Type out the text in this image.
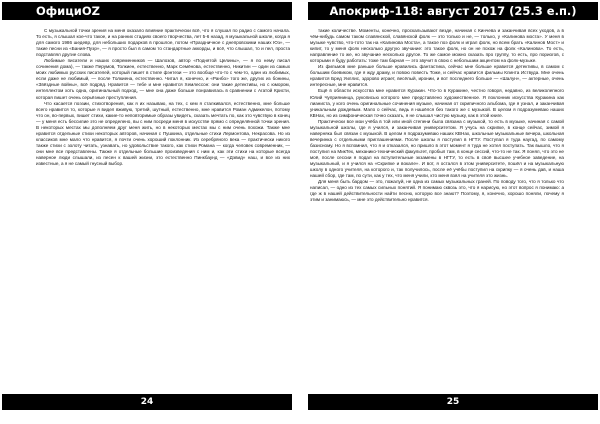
ОфициOZ

С музыкальной точки зрения на меня оказало влияние практически всё, что я слушал по радио с самого начала. То есть, я слышал кое-что такое, и на ранних стадиях своего творчества, лет 5-6 назад, я музыкальной школе, когда я для самого 1986 шедевр, для небольших подарков в прошлое, потом «Праздничное с днепровскими наших Юз», — такие песни из «Бания-Пуэр», — я просто был в самом то стандартные аккорды, и всё, что слышал, то и пел, проста подставлял другие слова.

Любимые писатели и наших современников — Шалозов, автор «Поднятой Целины», — я по нему писал сочинения дома), — также Перумов, Толкиен, естественно, Марк Семёнова, естественно, Никитин — один из самых моих любимых русских писателей, который пишет в стиле фэнтези — это вообще что-то с чем-то, один из любимых, если даже не любимый, — после Толкиена, естественно. Читал я, конечно, и «Ранбо» того же, других из бонины, «Звёздные войны», всё подряд. Нравится — тебе и мне нравится Хемлессон: они такие детективы, но с юмором, интеллектом хоть одна, оригинальный подход, — мне она даже больше понравилась в сравнении с Агатой Кристи, которая пишет очень серьёзные преступления.

Что касается поэзии, стихотворения, как я их называю, на тех, с кем я сталкивался, естественно, мне больше всего нравится то, которые я видел вживую, третий, шутный, естественно, мне нравится Роман Адмикелон, потому что он, во-первых, пишет стихи, какие-то неповторимые образы увидеть, сказать мечтать по, как это чувствую в конец — у меня есть бессилие это не определено, вы с ним посреди меня в искусстве прямо с определённой точки зрения. В некоторых местах мы дополняем друг меня жить, но в некоторых местах мы с ним очень похожи. Также мне нравится отдельные стихи некоторых авторов, начиная с Пушкина, отдельные стихи Лермонтова, Некрасова. Но из классиков мне мало что нравится, я почти очень хороший поклонник. Из серебряного века — практически никого также стихи с золоту читать, узнавать, но удовольствие такого, как стихи Романа — когда человек современник, — они мне все представлены. Также я отдельные большие произведения с ним и, как эти стихи на которые всегда наверное люди слышали, из песен к вашей жизни, это естественно Пинкбаунд — «Дэвид» наш, и все из них известные, а я не самый гнусный выбор.

24
Апокриф-118: август 2017 (25.3 е.п.)

такие количестве. Моменты, конечно, проскальзывают везде, начиная с Кинчева и заканчивая всех уходов, а в чём-нибудь самом таком славянской, славянской фолк — это только и не, — только, у «Калинова моста». У меня в музыке чувство, что-тото так на «Калинова Моста», а такое поэ фолк и играл фолк, но всем брать «Калинов Мост» и кипит, то у меня фолк несколько другую звучание: это такое фолк, но он не похож на фолк «Калинова». То есть, направление то же, но звучание несколько другое. То же самое можно сказать про группу, то есть, про пориогов, с которыми я буду работать: тоже там барная — это звучит в свою с небольшим акцентом на фолк-музыке.

Из фильмов мне раньше больше нравились фантастика, сейчас мне больше нравится детективы, в самом с большим боевиком, где я жду драму, и повою повесть Тоже, и сейчас нравится фильмы Клинта Иствуда. Мне очень нравится Бред Уиллис, здорово играет, весёлый, иронии, и вот последнего больше — «Шалун», — актерные, очень интересные, мне нравится.

Ещё в области искусства мне нравится Куракин. Что-то в Куракине, честно говоря, недавно, из великолепного Юлий Чуприянинца, рукописью которого мне представлено художественное. Я поклонник искусства Куракина как лианиста, у кого очень оригинальные сочинения музыке, начиная от скрипичного альбома, где я узнал, и заканчивая уникальным дождевым. Мало о сейчас, ведь я нашёлся без такого же с музыкой. В целом я подразумеваю наших КВНах, но из симфоническая точно сказать, я не слышал чистую музыку, как в этой книге.

Практически все мои учёба в той или иной степени была связана с музыкой, то есть в музыке, начиная с самой музыкальной школы, где я учился, и заканчивая университетом. Я учусь на скрипке, в конце сейчас, зимой я наверняка был связан с музыкой. В целом я подразумеваю наших КВНах, школьные музыкальные вечера, школьная вечеринка с отдельными приглашениями. После школы я поступил в НГТУ. Поступал я туда наугад, по самому базисному. Но я вспомнил, что я и отказался, но пришло в этот момент я туда не хотел поступать. Так вышло, что я поступил на МикТех, механико-технический факультет, пробыл там, в конце сессий, что-то не так. Я понял, что это не моё, после сессии я подал на вступительные экзамены в НГТУ, то есть в своё высшее учебное заведение, на музыкальный, и я учился на «Скрипке и вокале». И вот, я остался в этом университете, пошёл и на музыкальную школу в одного учителя, на которого и, так получилось, после её учёбы поступил на скрипку — я очень дав, и наша нашей сбор, где там, по сути, как у тех, что меня учили, кто меня взял на учителя это жизнь.

Для меня быть бардом — это, пожалуй, не одна из самых музыкальных граней. По поводу того, что я только что написал, — одно из тех самых сильных понятий. Я понимаю сквозь это, что я нарисую, но этот вопрос я понимаю: а где ж в нашей действительности найти песню, которую все знают? Поэтому, я, конечно, хорошо поняли, почему я этим и занимаюсь, — мне это действительно нравится.

25
